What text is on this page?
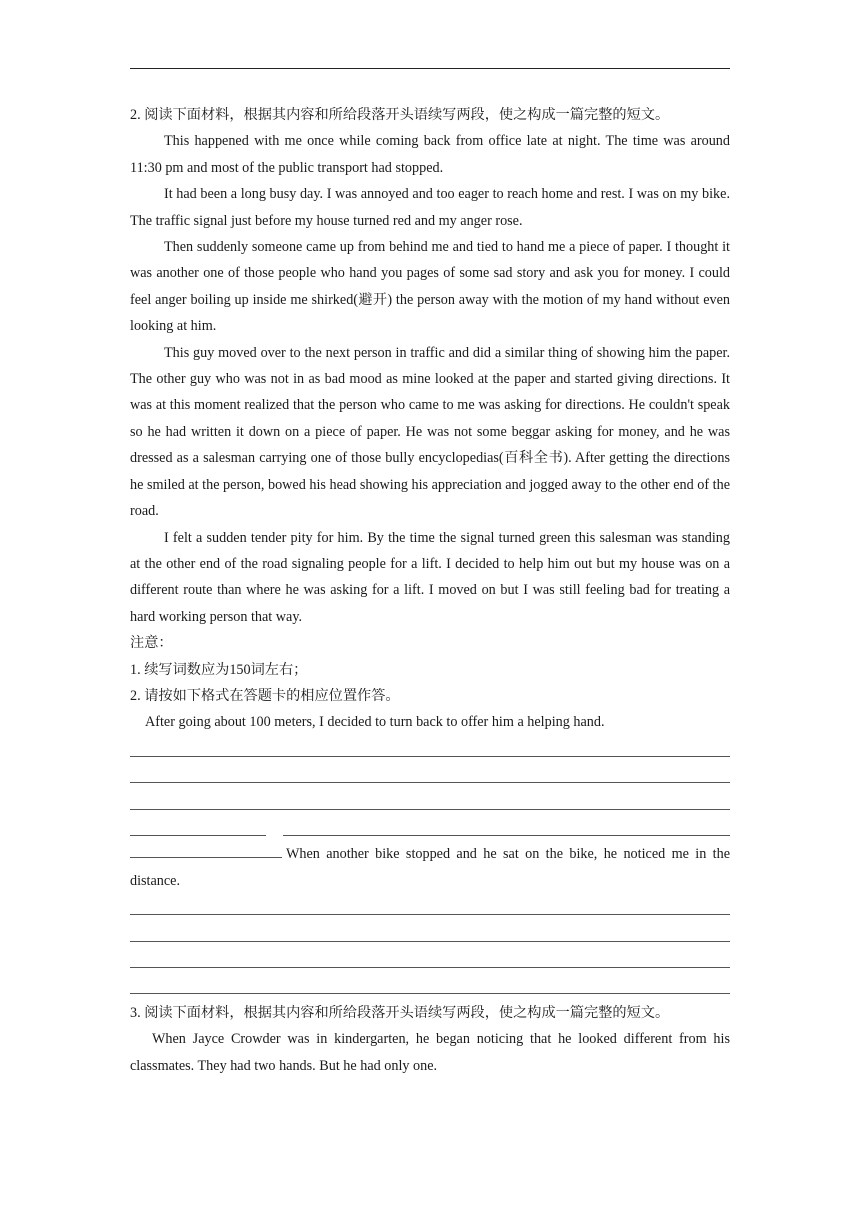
2. 阅读下面材料，根据其内容和所给段落开头语续写两段，使之构成一篇完整的短文。

This happened with me once while coming back from office late at night. The time was around 11:30 pm and most of the public transport had stopped.

It had been a long busy day. I was annoyed and too eager to reach home and rest. I was on my bike. The traffic signal just before my house turned red and my anger rose.

Then suddenly someone came up from behind me and tied to hand me a piece of paper. I thought it was another one of those people who hand you pages of some sad story and ask you for money. I could feel anger boiling up inside me shirked(避开) the person away with the motion of my hand without even looking at him.

This guy moved over to the next person in traffic and did a similar thing of showing him the paper. The other guy who was not in as bad mood as mine looked at the paper and started giving directions. It was at this moment realized that the person who came to me was asking for directions. He couldn't speak so he had written it down on a piece of paper. He was not some beggar asking for money, and he was dressed as a salesman carrying one of those bully encyclopedias(百科全书). After getting the directions he smiled at the person, bowed his head showing his appreciation and jogged away to the other end of the road.

I felt a sudden tender pity for him. By the time the signal turned green this salesman was standing at the other end of the road signaling people for a lift. I decided to help him out but my house was on a different route than where he was asking for a lift. I moved on but I was still feeling bad for treating a hard working person that way.

注意：

1. 续写词数应为150词左右；

2. 请按如下格式在答题卡的相应位置作答。

After going about 100 meters, I decided to turn back to offer him a helping hand.

When another bike stopped and he sat on the bike, he noticed me in the distance.

3. 阅读下面材料，根据其内容和所给段落开头语续写两段，使之构成一篇完整的短文。

When Jayce Crowder was in kindergarten, he began noticing that he looked different from his classmates. They had two hands. But he had only one.
